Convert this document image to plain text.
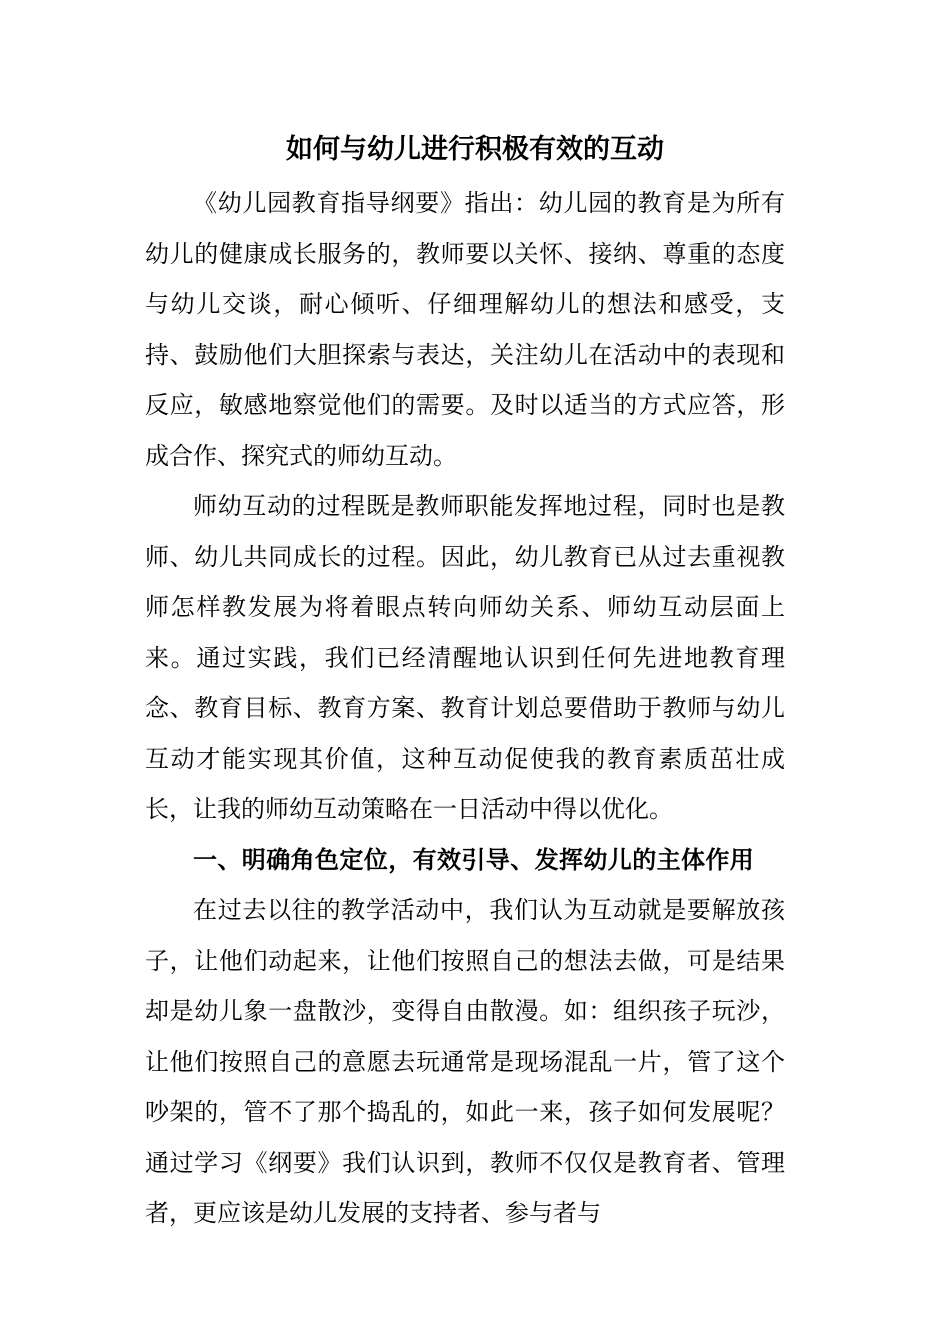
如何与幼儿进行积极有效的互动

《幼儿园教育指导纲要》指出：幼儿园的教育是为所有幼儿的健康成长服务的，教师要以关怀、接纳、尊重的态度与幼儿交谈，耐心倾听、仔细理解幼儿的想法和感受，支持、鼓励他们大胆探索与表达，关注幼儿在活动中的表现和反应，敏感地察觉他们的需要。及时以适当的方式应答，形成合作、探究式的师幼互动。

师幼互动的过程既是教师职能发挥地过程，同时也是教师、幼儿共同成长的过程。因此，幼儿教育已从过去重视教师怎样教发展为将着眼点转向师幼关系、师幼互动层面上来。通过实践，我们已经清醒地认识到任何先进地教育理念、教育目标、教育方案、教育计划总要借助于教师与幼儿互动才能实现其价值，这种互动促使我的教育素质茁壮成长，让我的师幼互动策略在一日活动中得以优化。

一、明确角色定位，有效引导、发挥幼儿的主体作用

在过去以往的教学活动中，我们认为互动就是要解放孩子，让他们动起来，让他们按照自己的想法去做，可是结果却是幼儿象一盘散沙，变得自由散漫。如：组织孩子玩沙，让他们按照自己的意愿去玩通常是现场混乱一片，管了这个吵架的，管不了那个捣乱的，如此一来，孩子如何发展呢？通过学习《纲要》我们认识到，教师不仅仅是教育者、管理者，更应该是幼儿发展的支持者、参与者与
